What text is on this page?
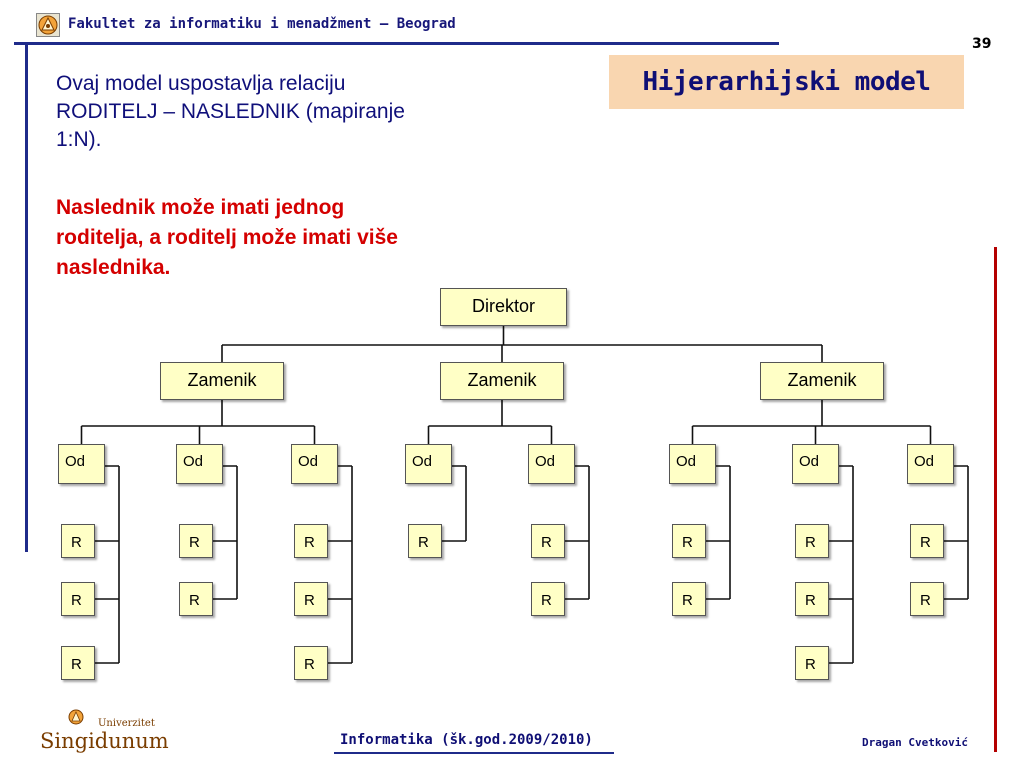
Fakultet za informatiku i menadžment – Beograd
39
Hijerarhijski model
Ovaj model uspostavlja relaciju RODITELJ – NASLEDNIK (mapiranje 1:N).
Naslednik može imati jednog roditelja, a roditelj može imati više naslednika.
Direktor
Zamenik
Od
R
R
R
Od
R
R
Od
R
R
R
Zamenik
Od
R
Od
R
R
Zamenik
Od
R
R
Od
R
R
R
Od
R
R
Univerzitet
Singidunum	Informatika (šk.god.2009/2010)	Dragan Cvetković
